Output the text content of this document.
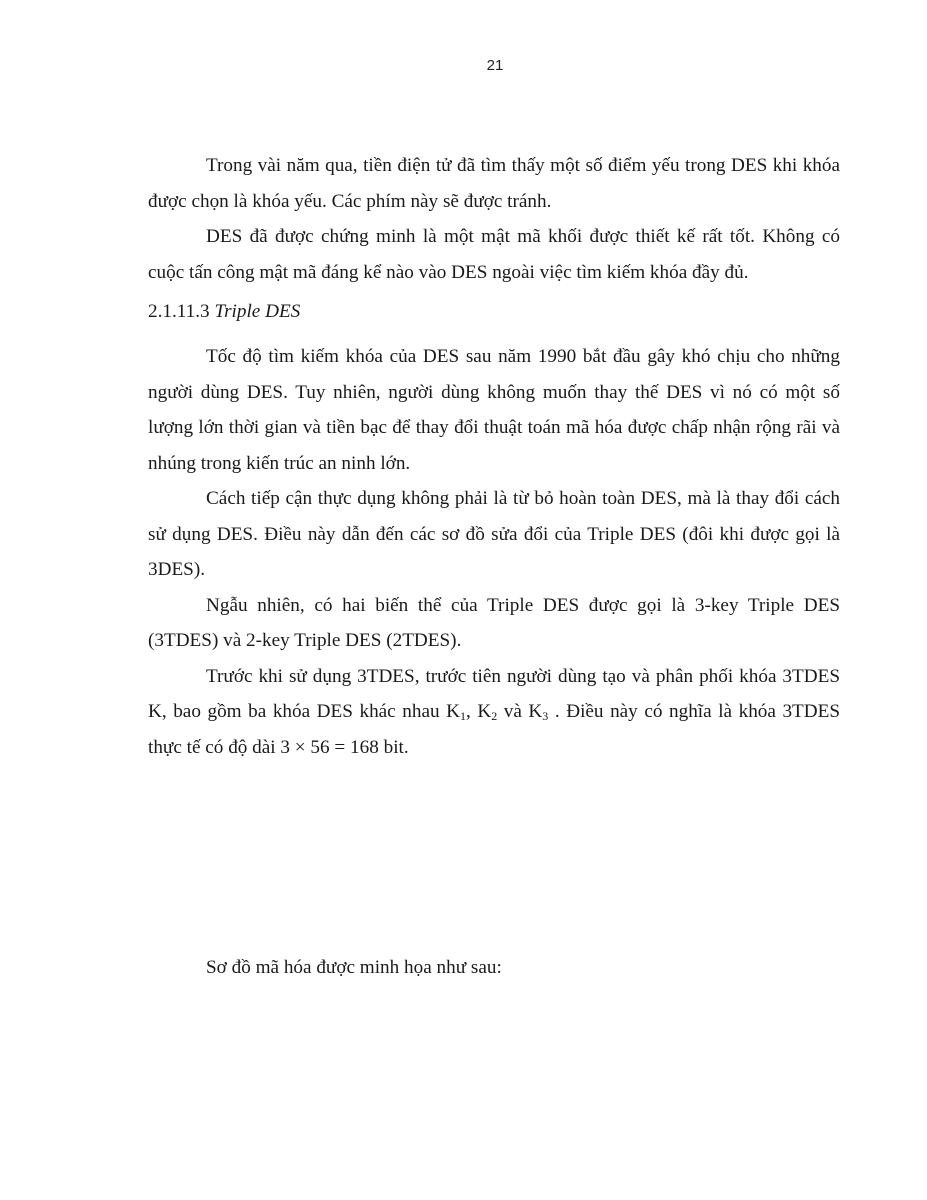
21

Trong vài năm qua, tiền điện tử đã tìm thấy một số điểm yếu trong DES khi khóa được chọn là khóa yếu. Các phím này sẽ được tránh.

DES đã được chứng minh là một mật mã khối được thiết kế rất tốt. Không có cuộc tấn công mật mã đáng kể nào vào DES ngoài việc tìm kiếm khóa đầy đủ.

2.1.11.3 Triple DES

Tốc độ tìm kiếm khóa của DES sau năm 1990 bắt đầu gây khó chịu cho những người dùng DES. Tuy nhiên, người dùng không muốn thay thế DES vì nó có một số lượng lớn thời gian và tiền bạc để thay đổi thuật toán mã hóa được chấp nhận rộng rãi và nhúng trong kiến trúc an ninh lớn.

Cách tiếp cận thực dụng không phải là từ bỏ hoàn toàn DES, mà là thay đổi cách sử dụng DES. Điều này dẫn đến các sơ đồ sửa đổi của Triple DES (đôi khi được gọi là 3DES).

Ngẫu nhiên, có hai biến thể của Triple DES được gọi là 3-key Triple DES (3TDES) và 2-key Triple DES (2TDES).

Trước khi sử dụng 3TDES, trước tiên người dùng tạo và phân phối khóa 3TDES K, bao gồm ba khóa DES khác nhau $K_1$, $K_2$ và $K_3$ . Điều này có nghĩa là khóa 3TDES thực tế có độ dài 3 × 56 = 168 bit.

Sơ đồ mã hóa được minh họa như sau:
